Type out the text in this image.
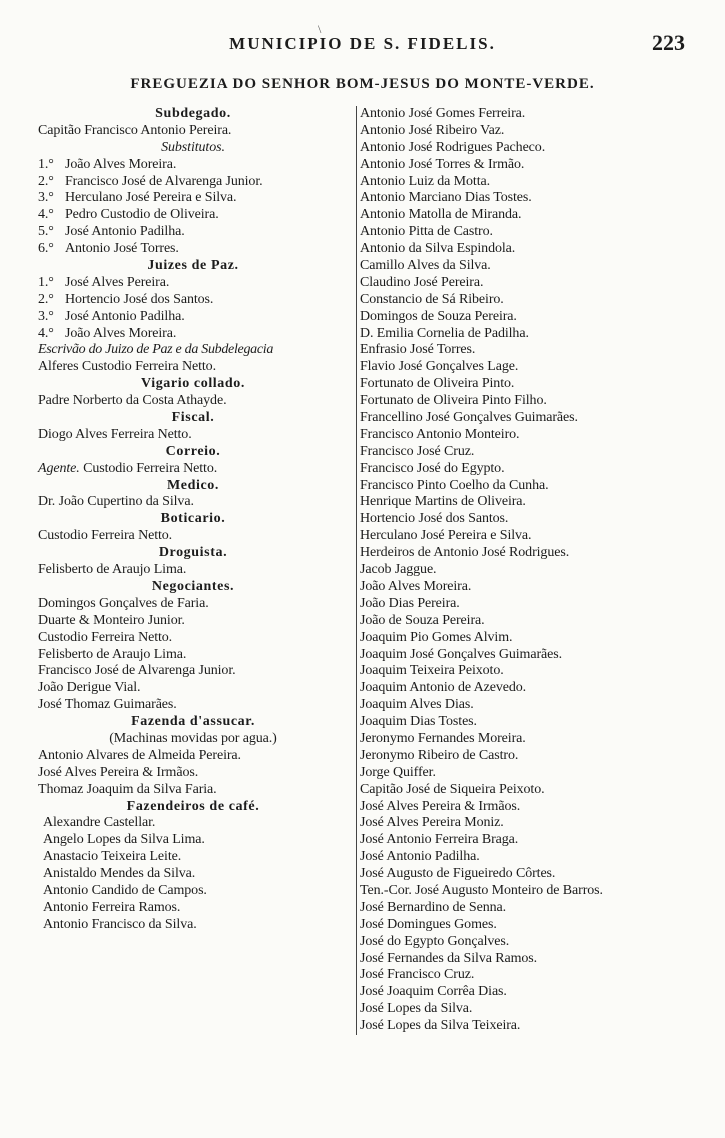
MUNICIPIO DE S. FIDELIS.	223
FREGUEZIA DO SENHOR BOM-JESUS DO MONTE-VERDE.
Subdegado.
Capitão Francisco Antonio Pereira.
Substitutos.
1.° João Alves Moreira.
2.° Francisco José de Alvarenga Junior.
3.° Herculano José Pereira e Silva.
4.° Pedro Custodio de Oliveira.
5.° José Antonio Padilha.
6.° Antonio José Torres.
Juizes de Paz.
1.° José Alves Pereira.
2.° Hortencio José dos Santos.
3.° José Antonio Padilha.
4.° João Alves Moreira.
Escrivão do Juizo de Paz e da Subdelegacia
Alferes Custodio Ferreira Netto.
Vigario collado.
Padre Norberto da Costa Athayde.
Fiscal.
Diogo Alves Ferreira Netto.
Correio.
Agente. Custodio Ferreira Netto.
Medico.
Dr. João Cupertino da Silva.
Boticario.
Custodio Ferreira Netto.
Droguista.
Felisberto de Araujo Lima.
Negociantes.
Domingos Gonçalves de Faria.
Duarte & Monteiro Junior.
Custodio Ferreira Netto.
Felisberto de Araujo Lima.
Francisco José de Alvarenga Junior.
João Derigue Vial.
José Thomaz Guimarães.
Fazenda d'assucar.
(Machinas movidas por agua.)
Antonio Alvares de Almeida Pereira.
José Alves Pereira & Irmãos.
Thomaz Joaquim da Silva Faria.
Fazendeiros de café.
Alexandre Castellar.
Angelo Lopes da Silva Lima.
Anastacio Teixeira Leite.
Anistaldo Mendes da Silva.
Antonio Candido de Campos.
Antonio Ferreira Ramos.
Antonio Francisco da Silva.
Antonio José Gomes Ferreira.
Antonio José Ribeiro Vaz.
Antonio José Rodrigues Pacheco.
Antonio José Torres & Irmão.
Antonio Luiz da Motta.
Antonio Marciano Dias Tostes.
Antonio Matolla de Miranda.
Antonio Pitta de Castro.
Antonio da Silva Espindola.
Camillo Alves da Silva.
Claudino José Pereira.
Constancio de Sá Ribeiro.
Domingos de Souza Pereira.
D. Emilia Cornelia de Padilha.
Enfrasio José Torres.
Flavio José Gonçalves Lage.
Fortunato de Oliveira Pinto.
Fortunato de Oliveira Pinto Filho.
Francellino José Gonçalves Guimarães.
Francisco Antonio Monteiro.
Francisco José Cruz.
Francisco José do Egypto.
Francisco Pinto Coelho da Cunha.
Henrique Martins de Oliveira.
Hortencio José dos Santos.
Herculano José Pereira e Silva.
Herdeiros de Antonio José Rodrigues.
Jacob Jaggue.
João Alves Moreira.
João Dias Pereira.
João de Souza Pereira.
Joaquim Pio Gomes Alvim.
Joaquim José Gonçalves Guimarães.
Joaquim Teixeira Peixoto.
Joaquim Antonio de Azevedo.
Joaquim Alves Dias.
Joaquim Dias Tostes.
Jeronymo Fernandes Moreira.
Jeronymo Ribeiro de Castro.
Jorge Quiffer.
Capitão José de Siqueira Peixoto.
José Alves Pereira & Irmãos.
José Alves Pereira Moniz.
José Antonio Ferreira Braga.
José Antonio Padilha.
José Augusto de Figueiredo Côrtes.
Ten.-Cor. José Augusto Monteiro de Barros.
José Bernardino de Senna.
José Domingues Gomes.
José do Egypto Gonçalves.
José Fernandes da Silva Ramos.
José Francisco Cruz.
José Joaquim Corrêa Dias.
José Lopes da Silva.
José Lopes da Silva Teixeira.
\
